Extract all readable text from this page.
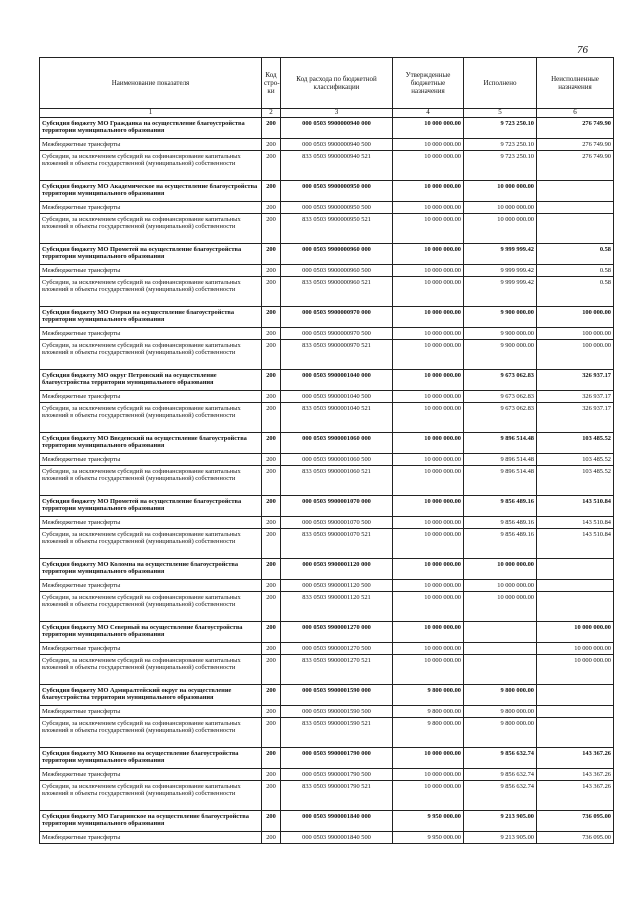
76
Наименование показателя	Код стро-ки	Код расхода по бюджетной классификации	Утвержденные бюджетные назначения	Исполнено	Неисполненные назначения
1	2	3	4	5	6
Субсидия бюджету МО Гражданка на осуществление благоустройства территории муниципального образования	200	000 0503 9900000940 000	10 000 000.00	9 723 250.10	276 749.90
Межбюджетные трансферты	200	000 0503 9900000940 500	10 000 000.00	9 723 250.10	276 749.90
Субсидии, за исключением субсидий на софинансирование капитальных вложений в объекты государственной (муниципальной) собственности	200	833 0503 9900000940 521	10 000 000.00	9 723 250.10	276 749.90
Субсидия бюджету МО Академическое на осуществление благоустройства территории муниципального образования	200	000 0503 9900000950 000	10 000 000.00	10 000 000.00	
Межбюджетные трансферты	200	000 0503 9900000950 500	10 000 000.00	10 000 000.00	
Субсидии, за исключением субсидий на софинансирование капитальных вложений в объекты государственной (муниципальной) собственности	200	833 0503 9900000950 521	10 000 000.00	10 000 000.00	
Субсидия бюджету МО Прометей на осуществление благоустройства территории муниципального образования	200	000 0503 9900000960 000	10 000 000.00	9 999 999.42	0.58
Межбюджетные трансферты	200	000 0503 9900000960 500	10 000 000.00	9 999 999.42	0.58
Субсидии, за исключением субсидий на софинансирование капитальных вложений в объекты государственной (муниципальной) собственности	200	833 0503 9900000960 521	10 000 000.00	9 999 999.42	0.58
Субсидия бюджету МО Озерки на осуществление благоустройства территории муниципального образования	200	000 0503 9900000970 000	10 000 000.00	9 900 000.00	100 000.00
Межбюджетные трансферты	200	000 0503 9900000970 500	10 000 000.00	9 900 000.00	100 000.00
Субсидии, за исключением субсидий на софинансирование капитальных вложений в объекты государственной (муниципальной) собственности	200	833 0503 9900000970 521	10 000 000.00	9 900 000.00	100 000.00
Субсидия бюджету МО округ Петровский на осуществление благоустройства территории муниципального образования	200	000 0503 9900001040 000	10 000 000.00	9 673 062.83	326 937.17
Межбюджетные трансферты	200	000 0503 9900001040 500	10 000 000.00	9 673 062.83	326 937.17
Субсидии, за исключением субсидий на софинансирование капитальных вложений в объекты государственной (муниципальной) собственности	200	833 0503 9900001040 521	10 000 000.00	9 673 062.83	326 937.17
Субсидия бюджету МО Введенский на осуществление благоустройства территории муниципального образования	200	000 0503 9900001060 000	10 000 000.00	9 896 514.48	103 485.52
Межбюджетные трансферты	200	000 0503 9900001060 500	10 000 000.00	9 896 514.48	103 485.52
Субсидии, за исключением субсидий на софинансирование капитальных вложений в объекты государственной (муниципальной) собственности	200	833 0503 9900001060 521	10 000 000.00	9 896 514.48	103 485.52
Субсидия бюджету МО Прометей на осуществление благоустройства территории муниципального образования	200	000 0503 9900001070 000	10 000 000.00	9 856 489.16	143 510.84
Межбюджетные трансферты	200	000 0503 9900001070 500	10 000 000.00	9 856 489.16	143 510.84
Субсидии, за исключением субсидий на софинансирование капитальных вложений в объекты государственной (муниципальной) собственности	200	833 0503 9900001070 521	10 000 000.00	9 856 489.16	143 510.84
Субсидия бюджету МО Коломна на осуществление благоустройства территории муниципального образования	200	000 0503 9900001120 000	10 000 000.00	10 000 000.00	
Межбюджетные трансферты	200	000 0503 9900001120 500	10 000 000.00	10 000 000.00	
Субсидии, за исключением субсидий на софинансирование капитальных вложений в объекты государственной (муниципальной) собственности	200	833 0503 9900001120 521	10 000 000.00	10 000 000.00	
Субсидия бюджету МО Северный на осуществление благоустройства территории муниципального образования	200	000 0503 9900001270 000	10 000 000.00		10 000 000.00
Межбюджетные трансферты	200	000 0503 9900001270 500	10 000 000.00		10 000 000.00
Субсидии, за исключением субсидий на софинансирование капитальных вложений в объекты государственной (муниципальной) собственности	200	833 0503 9900001270 521	10 000 000.00		10 000 000.00
Субсидия бюджету МО Адмиралтейский округ на осуществление благоустройства территории муниципального образования	200	000 0503 9900001590 000	9 800 000.00	9 800 000.00	
Межбюджетные трансферты	200	000 0503 9900001590 500	9 800 000.00	9 800 000.00	
Субсидии, за исключением субсидий на софинансирование капитальных вложений в объекты государственной (муниципальной) собственности	200	833 0503 9900001590 521	9 800 000.00	9 800 000.00	
Субсидия бюджету МО Княжево на осуществление благоустройства территории муниципального образования	200	000 0503 9900001790 000	10 000 000.00	9 856 632.74	143 367.26
Межбюджетные трансферты	200	000 0503 9900001790 500	10 000 000.00	9 856 632.74	143 367.26
Субсидии, за исключением субсидий на софинансирование капитальных вложений в объекты государственной (муниципальной) собственности	200	833 0503 9900001790 521	10 000 000.00	9 856 632.74	143 367.26
Субсидия бюджету МО Гагаринское на осуществление благоустройства территории муниципального образования	200	000 0503 9900001840 000	9 950 000.00	9 213 905.00	736 095.00
Межбюджетные трансферты	200	000 0503 9900001840 500	9 950 000.00	9 213 905.00	736 095.00
